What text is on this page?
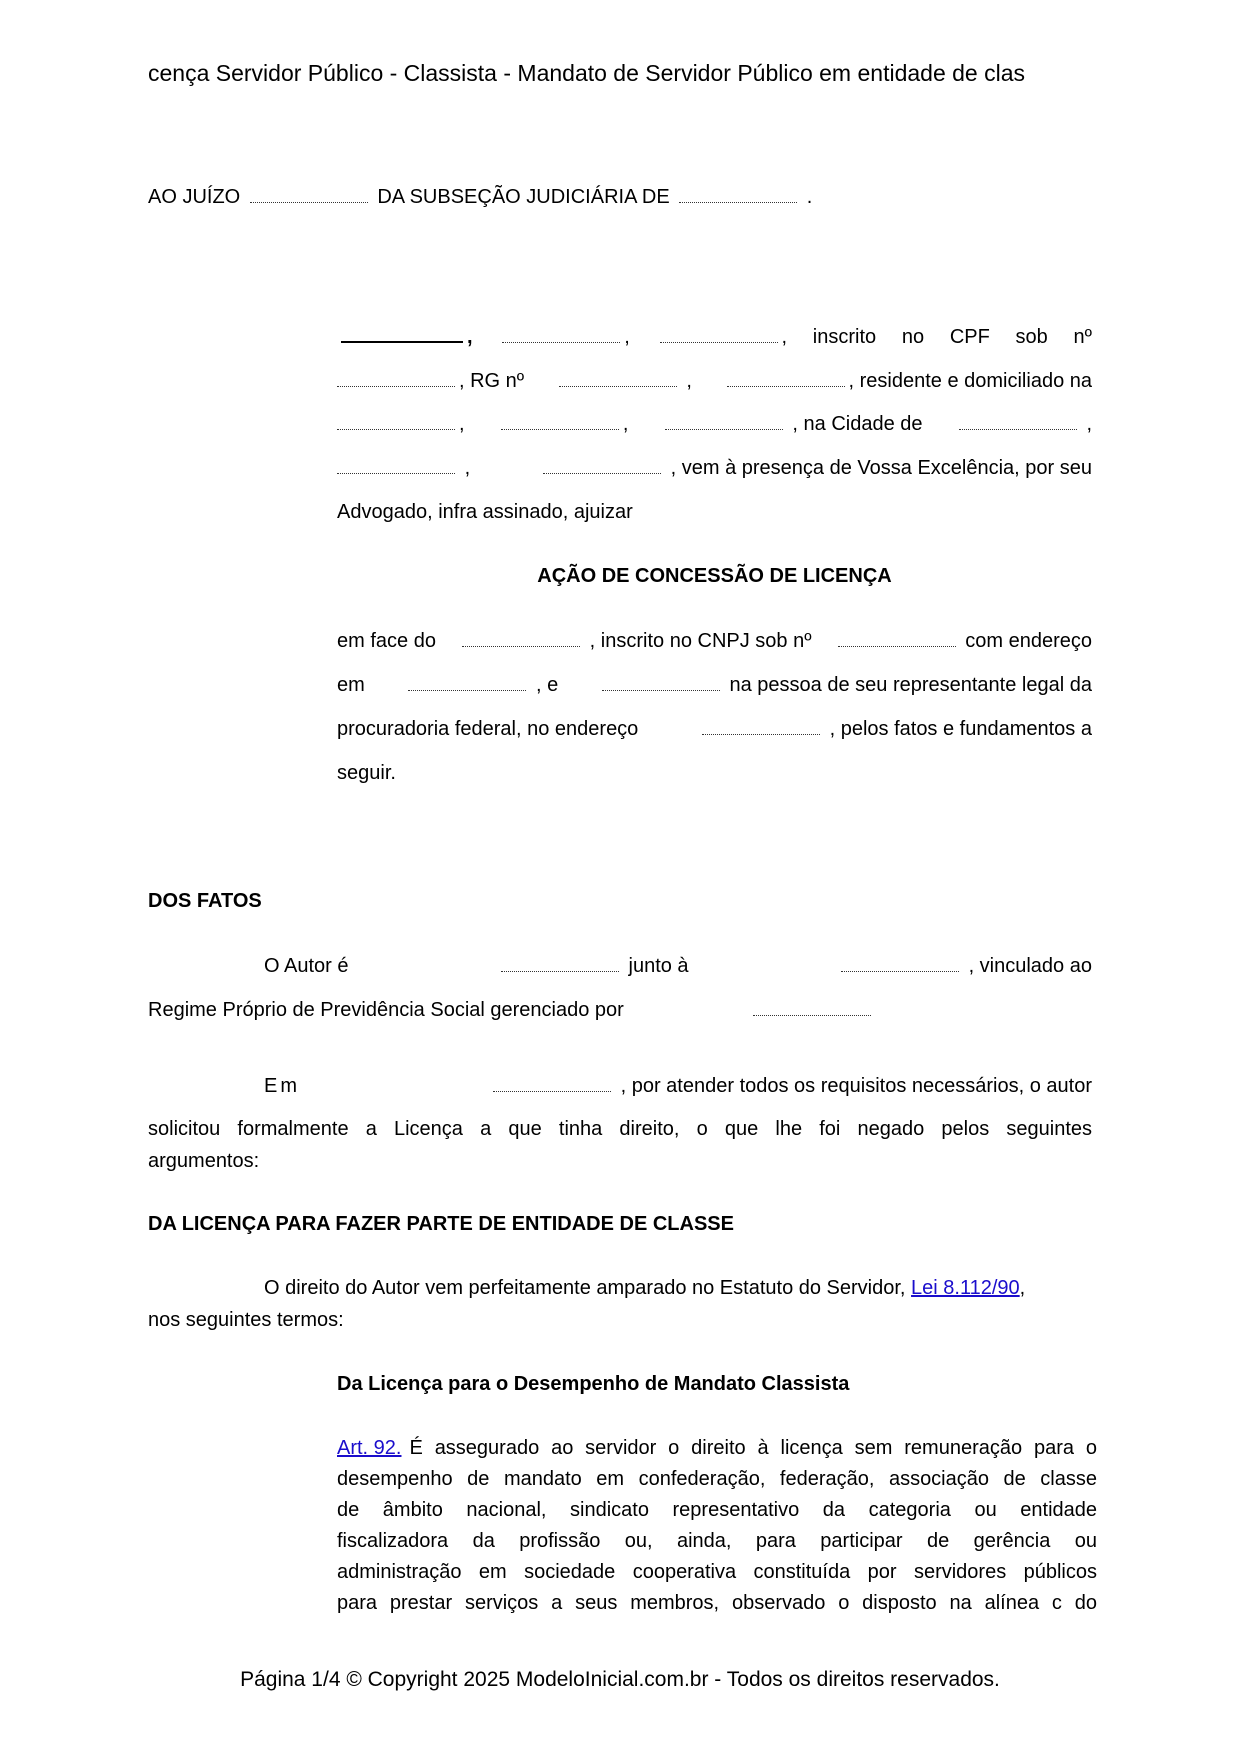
cença Servidor Público - Classista - Mandato de Servidor Público em entidade de clas
AO JUÍZO	DA SUBSEÇÃO JUDICIÁRIA DE	.
,	,	, inscrito no CPF sob nº
, RG nº	,	, residente e domiciliado na
,	,	, na Cidade de	,
,	, vem à presença de Vossa Excelência, por seu
Advogado, infra assinado, ajuizar
AÇÃO DE CONCESSÃO DE LICENÇA
em face do	, inscrito no CNPJ sob nº	com endereço
em	, e	na pessoa de seu representante legal da
procuradoria federal, no endereço	, pelos fatos e fundamentos a
seguir.
DOS FATOS
O Autor é	junto à	, vinculado ao
Regime Próprio de Previdência Social gerenciado por
Em	, por atender todos os requisitos necessários, o autor
solicitou formalmente a Licença a que tinha direito, o que lhe foi negado pelos seguintes
argumentos:
DA LICENÇA PARA FAZER PARTE DE ENTIDADE DE CLASSE
O direito do Autor vem perfeitamente amparado no Estatuto do Servidor, Lei 8.112/90,
nos seguintes termos:
Da Licença para o Desempenho de Mandato Classista
Art. 92. É assegurado ao servidor o direito à licença sem remuneração para o
desempenho de mandato em confederação, federação, associação de classe
de âmbito nacional, sindicato representativo da categoria ou entidade
fiscalizadora da profissão ou, ainda, para participar de gerência ou
administração em sociedade cooperativa constituída por servidores públicos
para prestar serviços a seus membros, observado o disposto na alínea c do
Página 1/4 © Copyright 2025 ModeloInicial.com.br - Todos os direitos reservados.
